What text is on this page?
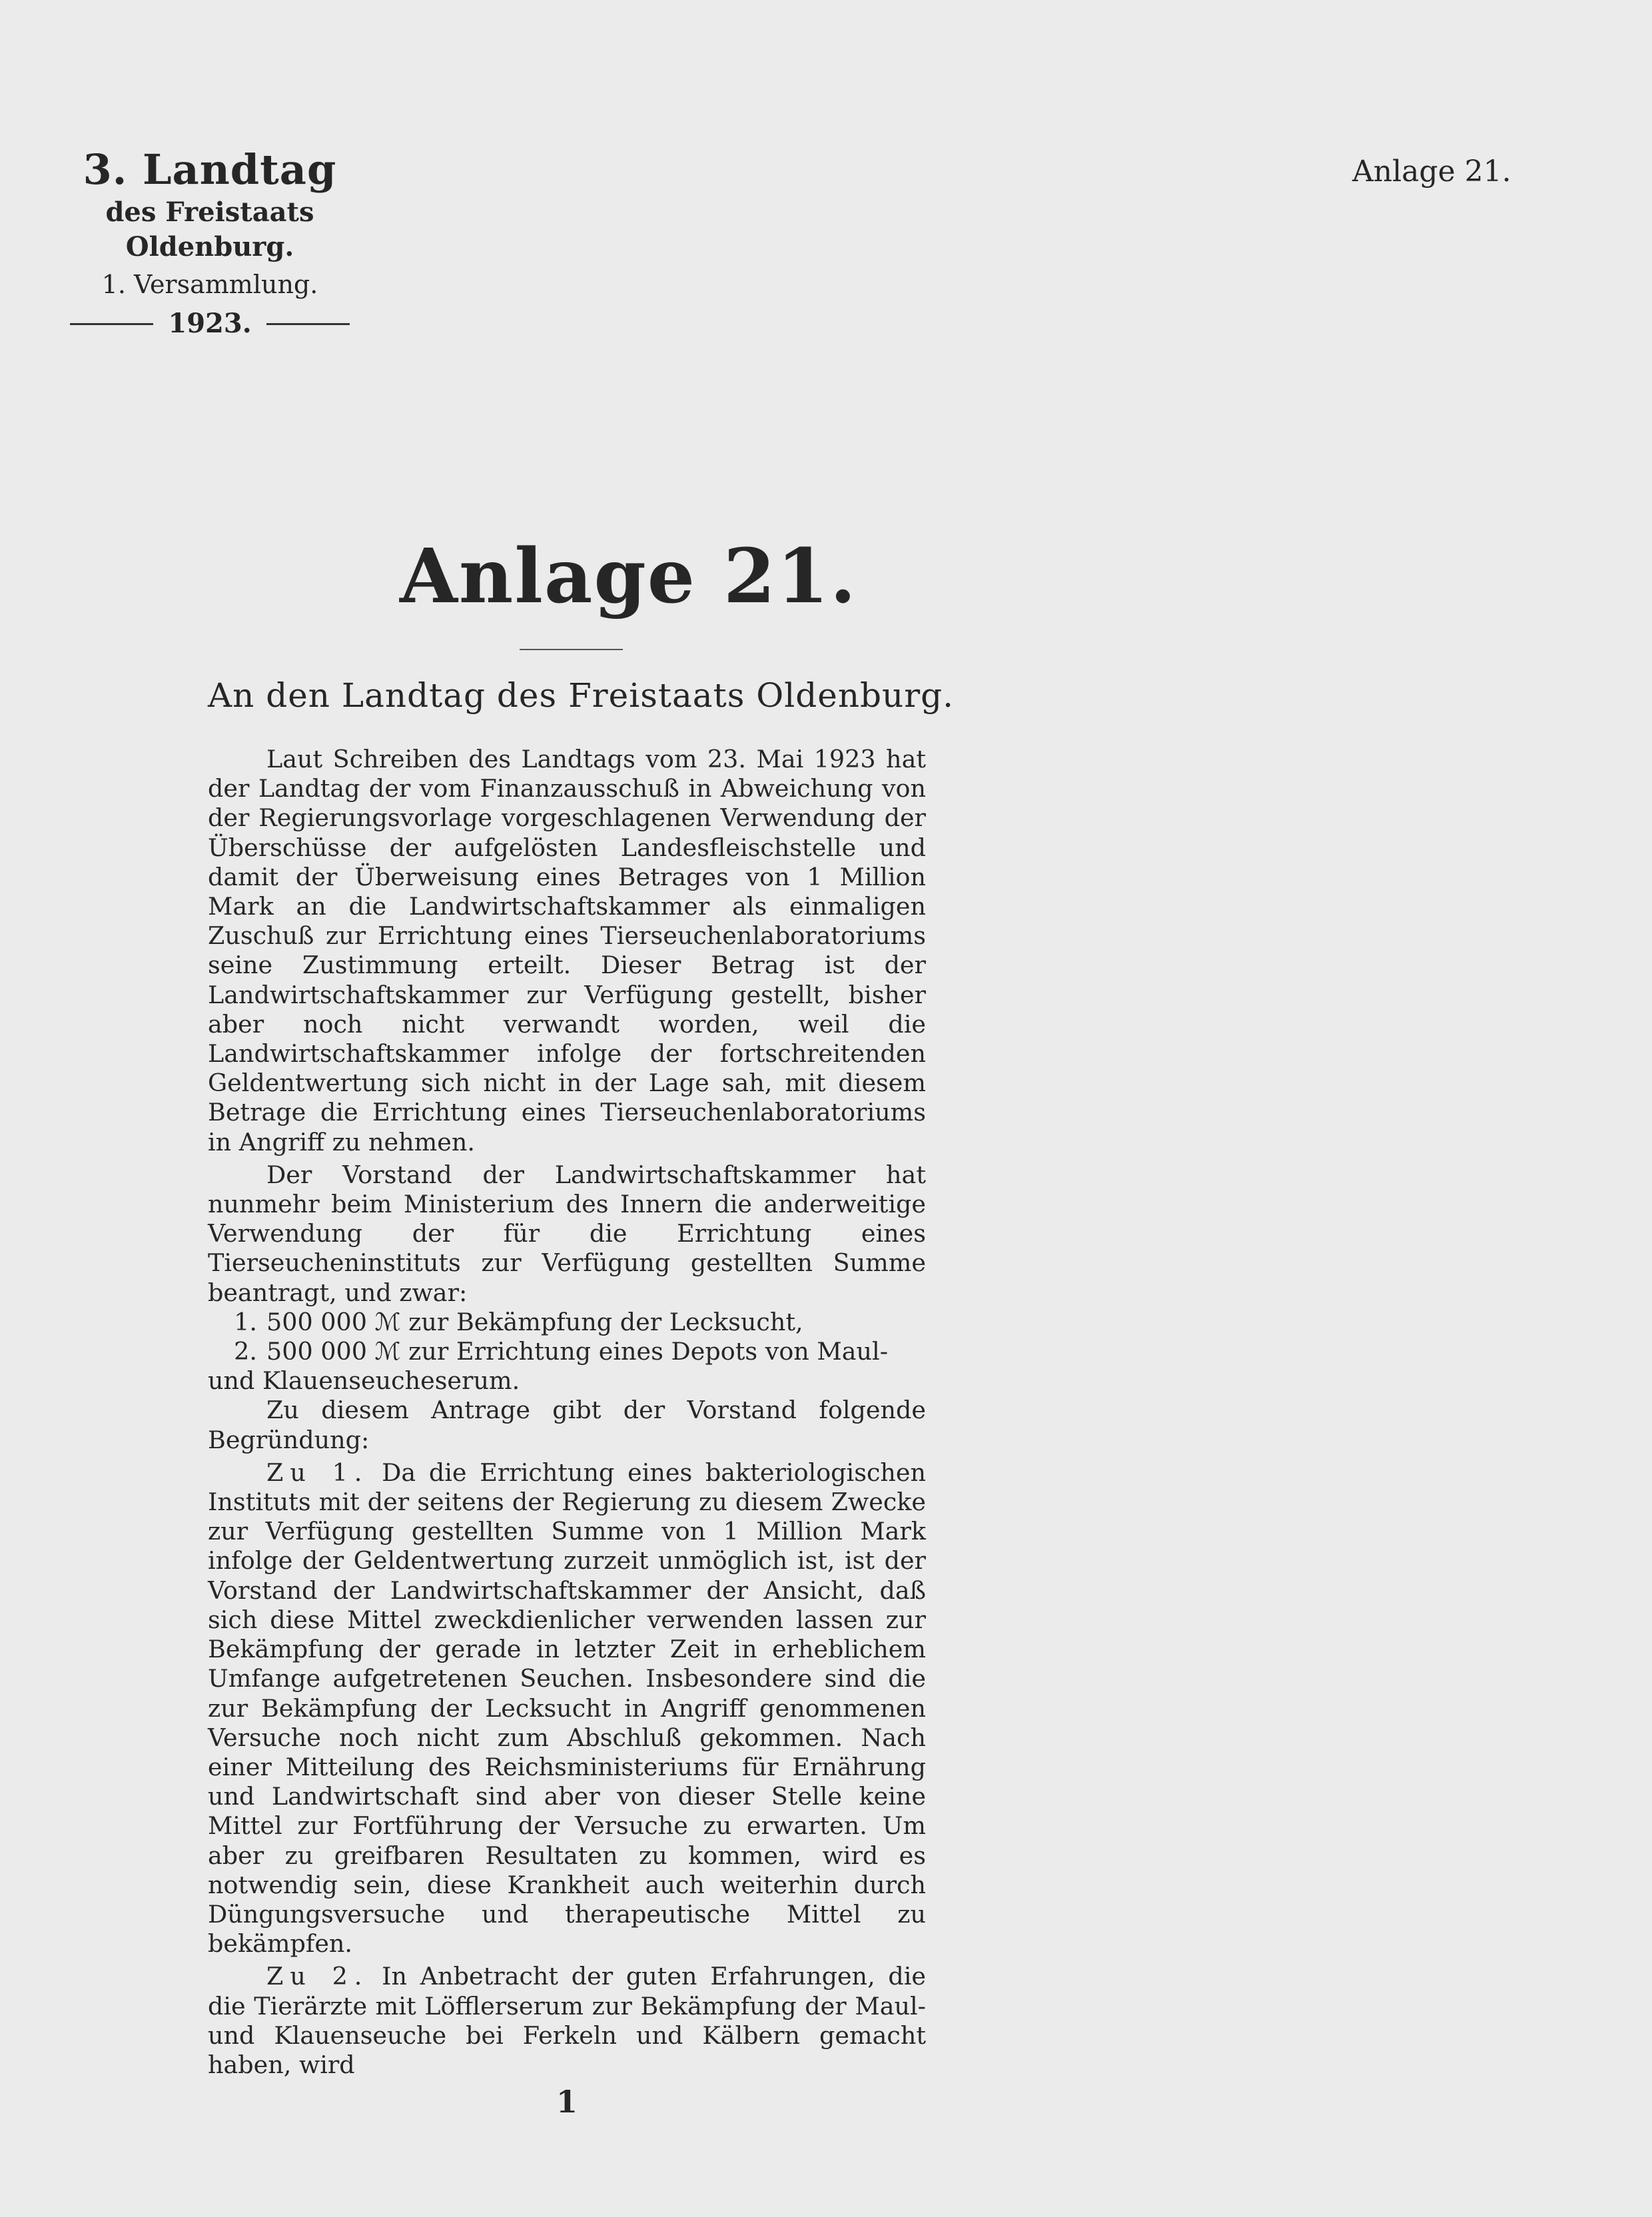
3. Landtag
des Freistaats Oldenburg.
1. Versammlung.
1923.
Anlage 21.
Anlage 21.
An den Landtag des Freistaats Oldenburg.

Laut Schreiben des Landtags vom 23. Mai 1923 hat der Landtag der vom Finanzausschuß in Abweichung von der Regierungsvorlage vorgeschlagenen Verwendung der Überschüsse der aufgelösten Landesfleischstelle und damit der Überweisung eines Betrages von 1 Million Mark an die Landwirtschaftskammer als einmaligen Zuschuß zur Errichtung eines Tierseuchenlaboratoriums seine Zustimmung erteilt. Dieser Betrag ist der Landwirtschaftskammer zur Verfügung gestellt, bisher aber noch nicht verwandt worden, weil die Landwirtschaftskammer infolge der fortschreitenden Geldentwertung sich nicht in der Lage sah, mit diesem Betrage die Errichtung eines Tierseuchenlaboratoriums in Angriff zu nehmen.

Der Vorstand der Landwirtschaftskammer hat nunmehr beim Ministerium des Innern die anderweitige Verwendung der für die Errichtung eines Tierseucheninstituts zur Verfügung gestellten Summe beantragt, und zwar:

1. 500 000 ℳ zur Bekämpfung der Lecksucht,
2. 500 000 ℳ zur Errichtung eines Depots von Maul-
und Klauenseucheserum.

Zu diesem Antrage gibt der Vorstand folgende Begründung:

Zu 1. Da die Errichtung eines bakteriologischen Instituts mit der seitens der Regierung zu diesem Zwecke zur Verfügung gestellten Summe von 1 Million Mark infolge der Geldentwertung zurzeit unmöglich ist, ist der Vorstand der Landwirtschaftskammer der Ansicht, daß sich diese Mittel zweckdienlicher verwenden lassen zur Bekämpfung der gerade in letzter Zeit in erheblichem Umfange aufgetretenen Seuchen. Insbesondere sind die zur Bekämpfung der Lecksucht in Angriff genommenen Versuche noch nicht zum Abschluß gekommen. Nach einer Mitteilung des Reichsministeriums für Ernährung und Landwirtschaft sind aber von dieser Stelle keine Mittel zur Fortführung der Versuche zu erwarten. Um aber zu greifbaren Resultaten zu kommen, wird es notwendig sein, diese Krankheit auch weiterhin durch Düngungsversuche und therapeutische Mittel zu bekämpfen.

Zu 2. In Anbetracht der guten Erfahrungen, die die Tierärzte mit Löfflerserum zur Bekämpfung der Maul- und Klauenseuche bei Ferkeln und Kälbern gemacht haben, wird

1
